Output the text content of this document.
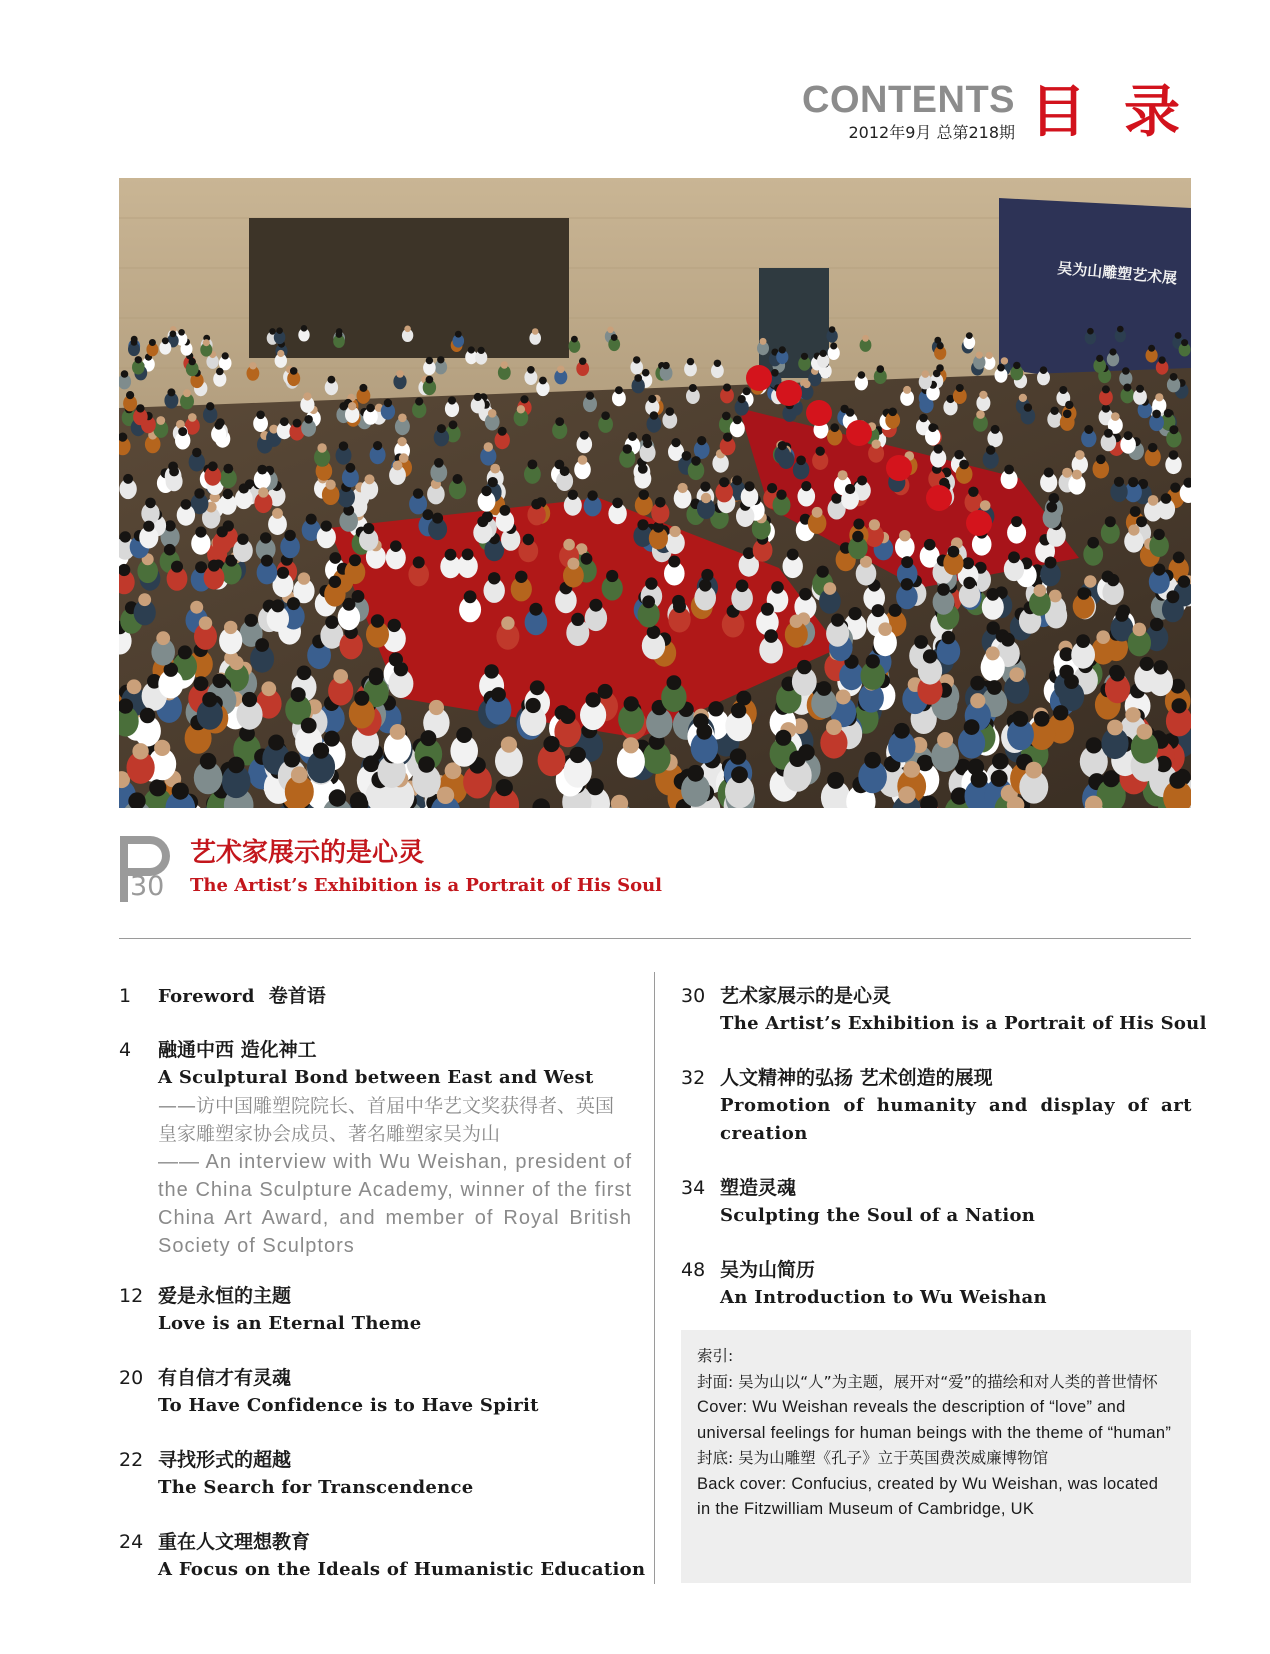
CONTENTS
2012年9月 总第218期 目录
吴为山雕塑艺术展
30
艺术家展示的是心灵
The Artist’s Exhibition is a Portrait of His Soul
1 Foreword 卷首语
4 融通中西 造化神工
A Sculptural Bond between East and West
——访中国雕塑院院长、首届中华艺文奖获得者、英国皇家雕塑家协会成员、著名雕塑家吴为山
—— An interview with Wu Weishan, president of the China Sculpture Academy, winner of the first China Art Award, and member of Royal British Society of Sculptors
12 爱是永恒的主题
Love is an Eternal Theme
20 有自信才有灵魂
To Have Confidence is to Have Spirit
22 寻找形式的超越
The Search for Transcendence
24 重在人文理想教育
A Focus on the Ideals of Humanistic Education
30 艺术家展示的是心灵
The Artist’s Exhibition is a Portrait of His Soul
32 人文精神的弘扬 艺术创造的展现
Promotion of humanity and display of art creation
34 塑造灵魂
Sculpting the Soul of a Nation
48 吴为山简历
An Introduction to Wu Weishan
索引:
封面: 吴为山以“人”为主题，展开对“爱”的描绘和对人类的普世情怀
Cover: Wu Weishan reveals the description of “love” and universal feelings for human beings with the theme of “human”
封底: 吴为山雕塑《孔子》立于英国费茨威廉博物馆
Back cover: Confucius, created by Wu Weishan, was located in the Fitzwilliam Museum of Cambridge, UK
